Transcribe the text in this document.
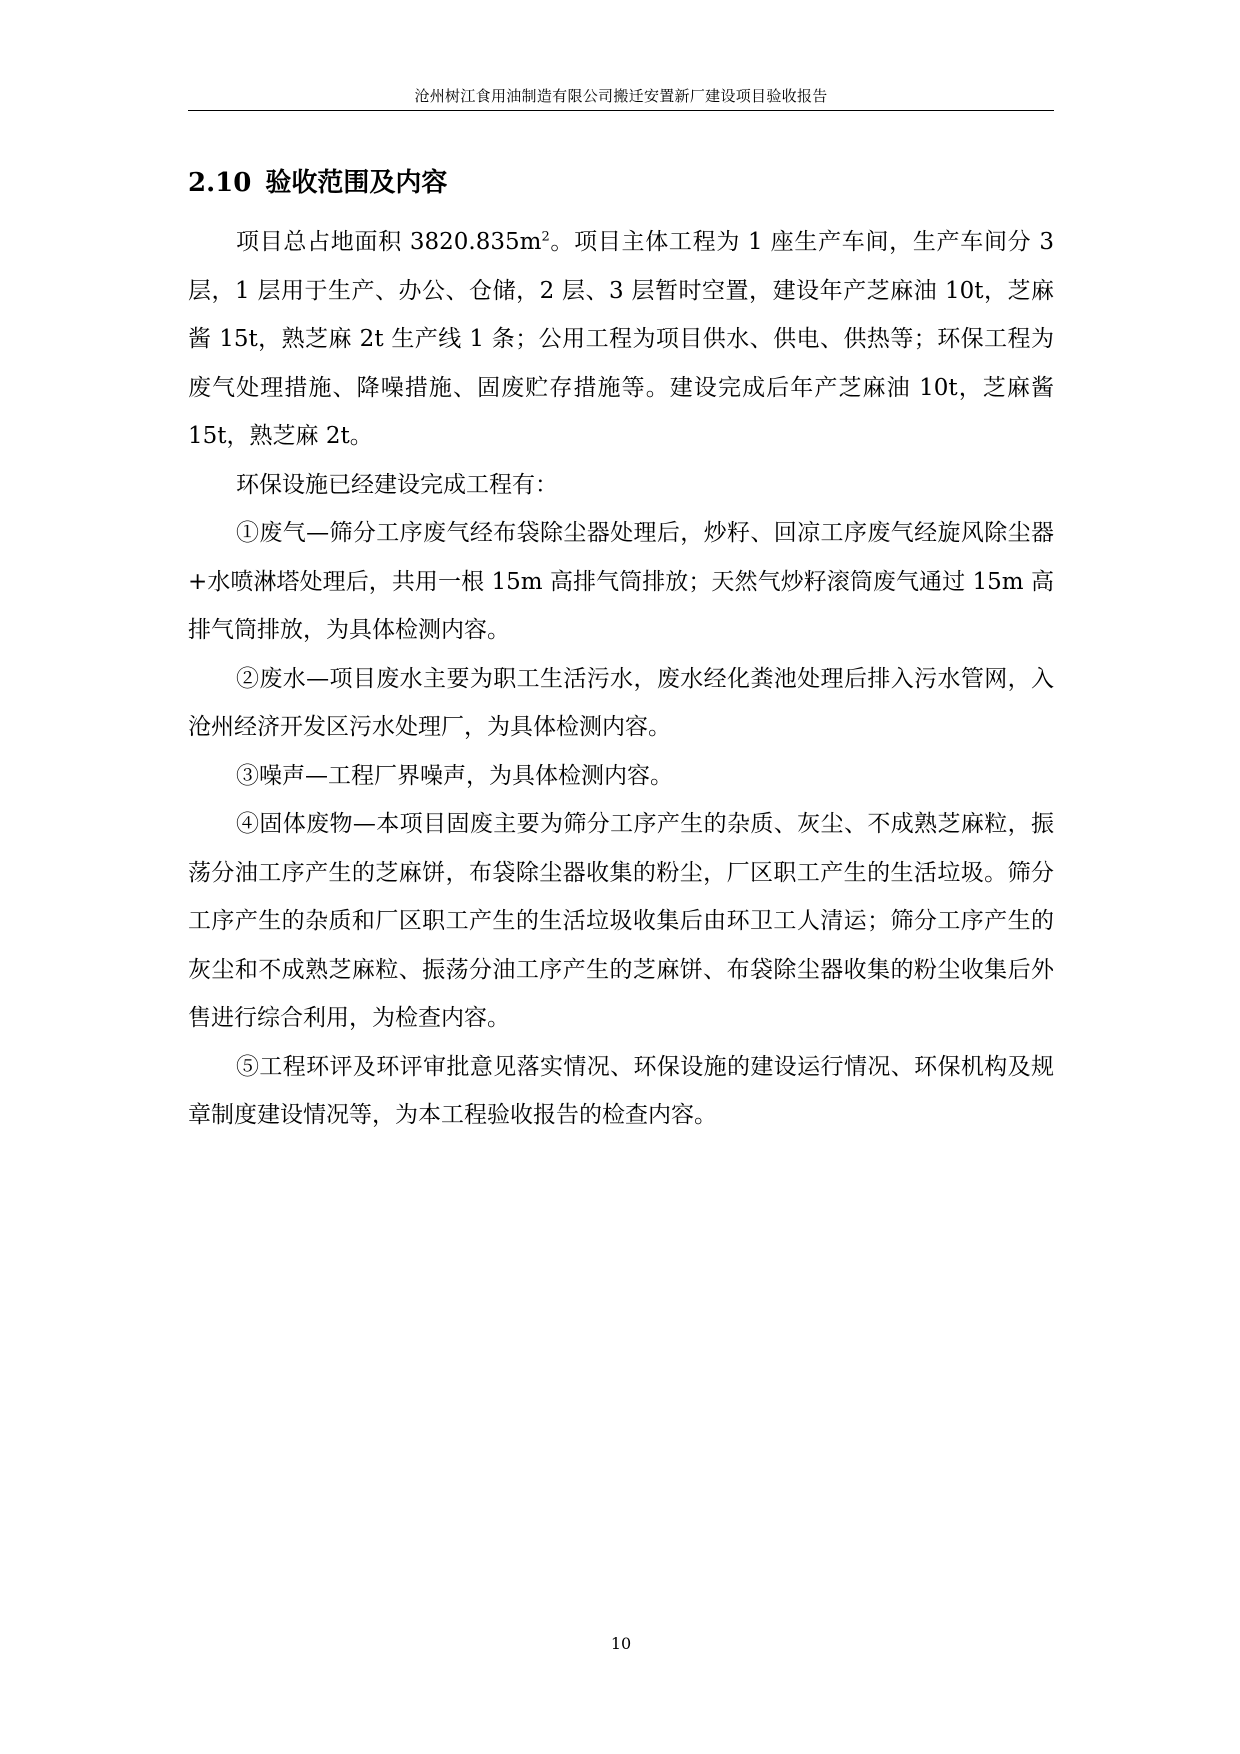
沧州树江食用油制造有限公司搬迁安置新厂建设项目验收报告
2.10 验收范围及内容

项目总占地面积 $3820.835m^2$。项目主体工程为 1 座生产车间，生产车间分 3 层，1 层用于生产、办公、仓储，2 层、3 层暂时空置，建设年产芝麻油 10t，芝麻酱 15t，熟芝麻 2t 生产线 1 条；公用工程为项目供水、供电、供热等；环保工程为废气处理措施、降噪措施、固废贮存措施等。建设完成后年产芝麻油 10t，芝麻酱 15t，熟芝麻 2t。

环保设施已经建设完成工程有：

①废气—筛分工序废气经布袋除尘器处理后，炒籽、回凉工序废气经旋风除尘器+水喷淋塔处理后，共用一根 15m 高排气筒排放；天然气炒籽滚筒废气通过 15m 高排气筒排放，为具体检测内容。

②废水—项目废水主要为职工生活污水，废水经化粪池处理后排入污水管网，入沧州经济开发区污水处理厂，为具体检测内容。

③噪声—工程厂界噪声，为具体检测内容。

④固体废物—本项目固废主要为筛分工序产生的杂质、灰尘、不成熟芝麻粒，振荡分油工序产生的芝麻饼，布袋除尘器收集的粉尘，厂区职工产生的生活垃圾。筛分工序产生的杂质和厂区职工产生的生活垃圾收集后由环卫工人清运；筛分工序产生的灰尘和不成熟芝麻粒、振荡分油工序产生的芝麻饼、布袋除尘器收集的粉尘收集后外售进行综合利用，为检查内容。

⑤工程环评及环评审批意见落实情况、环保设施的建设运行情况、环保机构及规章制度建设情况等，为本工程验收报告的检查内容。

10
